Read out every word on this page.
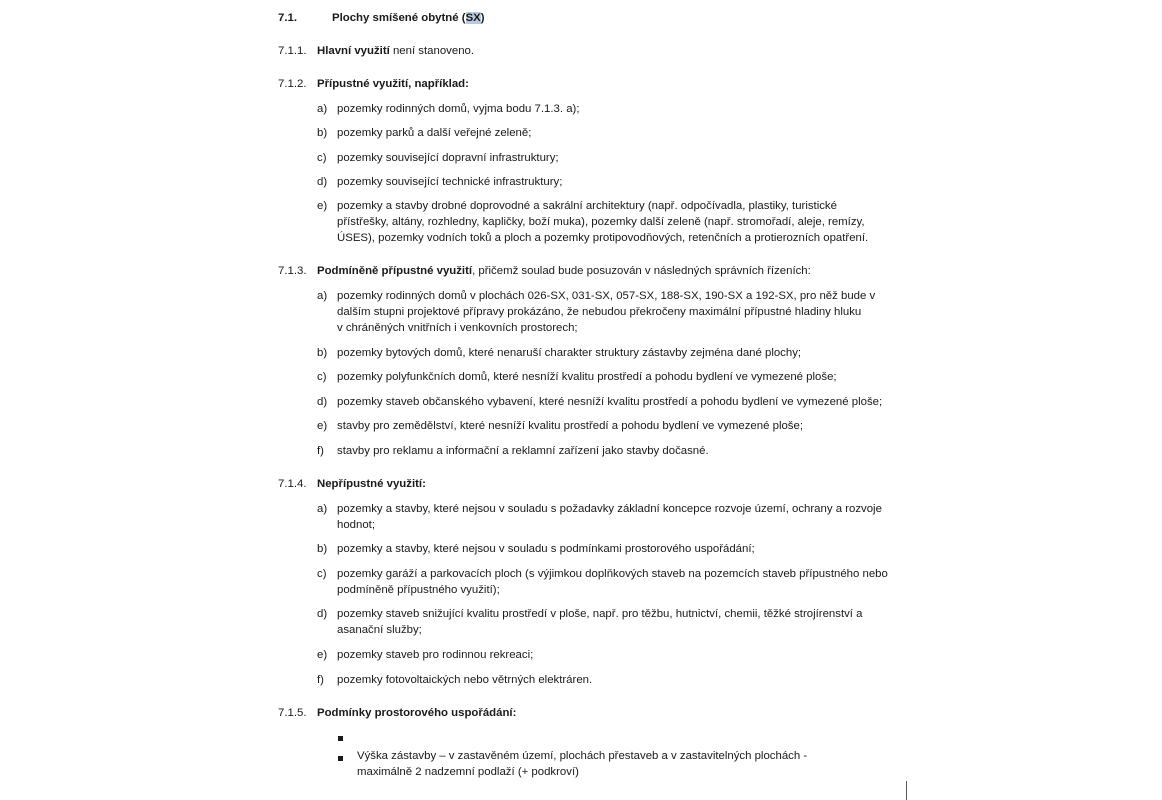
7.1.	Plochy smíšené obytné (SX)
7.1.1. Hlavní využití není stanoveno.
7.1.2. Přípustné využití, například:
a) pozemky rodinných domů, vyjma bodu 7.1.3. a);
b) pozemky parků a další veřejné zeleně;
c) pozemky související dopravní infrastruktury;
d) pozemky související technické infrastruktury;
e) pozemky a stavby drobné doprovodné a sakrální architektury (např. odpočívadla, plastiky, turistické
přístřešky, altány, rozhledny, kapličky, boží muka), pozemky další zeleně (např. stromořadí, aleje, remízy,
ÚSES), pozemky vodních toků a ploch a pozemky protipovodňových, retenčních a protierozních opatření.
7.1.3. Podmíněně přípustné využití, přičemž soulad bude posuzován v následných správních řízeních:
a) pozemky rodinných domů v plochách 026-SX, 031-SX, 057-SX, 188-SX, 190-SX a 192-SX, pro něž bude v
dalším stupni projektové přípravy prokázáno, že nebudou překročeny maximální přípustné hladiny hluku
v chráněných vnitřních i venkovních prostorech;
b) pozemky bytových domů, které nenaruší charakter struktury zástavby zejména dané plochy;
c) pozemky polyfunkčních domů, které nesníží kvalitu prostředí a pohodu bydlení ve vymezené ploše;
d) pozemky staveb občanského vybavení, které nesníží kvalitu prostředí a pohodu bydlení ve vymezené ploše;
e) stavby pro zemědělství, které nesníží kvalitu prostředí a pohodu bydlení ve vymezené ploše;
f) stavby pro reklamu a informační a reklamní zařízení jako stavby dočasné.
7.1.4. Nepřípustné využití:
a) pozemky a stavby, které nejsou v souladu s požadavky základní koncepce rozvoje území, ochrany a rozvoje
hodnot;
b) pozemky a stavby, které nejsou v souladu s podmínkami prostorového uspořádání;
c) pozemky garáží a parkovacích ploch (s výjimkou doplňkových staveb na pozemcích staveb přípustného nebo
podmíněně přípustného využití);
d) pozemky staveb snižující kvalitu prostředí v ploše, např. pro těžbu, hutnictví, chemii, těžké strojírenství a
asanační služby;
e) pozemky staveb pro rodinnou rekreaci;
f) pozemky fotovoltaických nebo větrných elektráren.
7.1.5. Podmínky prostorového uspořádání:
Výška zástavby – v zastavěném území, plochách přestaveb a v zastavitelných plochách -
maximálně 2 nadzemní podlaží (+ podkroví)
